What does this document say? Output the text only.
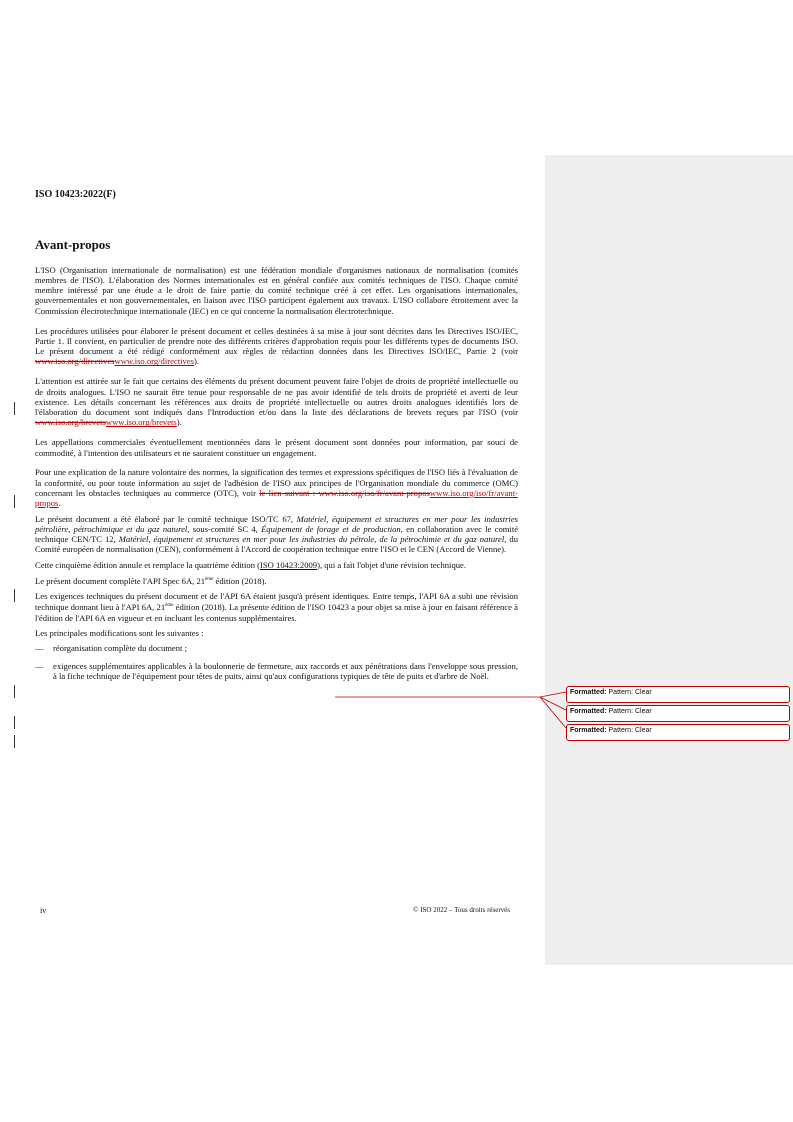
ISO 10423:2022(F)
Avant-propos
L'ISO (Organisation internationale de normalisation) est une fédération mondiale d'organismes nationaux de normalisation (comités membres de l'ISO). L'élaboration des Normes internationales est en général confiée aux comités techniques de l'ISO. Chaque comité membre intéressé par une étude a le droit de faire partie du comité technique créé à cet effet. Les organisations internationales, gouvernementales et non gouvernementales, en liaison avec l'ISO participent également aux travaux. L'ISO collabore étroitement avec la Commission électrotechnique internationale (IEC) en ce qui concerne la normalisation électrotechnique.
Les procédures utilisées pour élaborer le présent document et celles destinées à sa mise à jour sont décrites dans les Directives ISO/IEC, Partie 1. Il convient, en particulier de prendre note des différents critères d'approbation requis pour les différents types de documents ISO. Le présent document a été rédigé conformément aux règles de rédaction données dans les Directives ISO/IEC, Partie 2 (voir www.iso.org/directiveswww.iso.org/directives).
L'attention est attirée sur le fait que certains des éléments du présent document peuvent faire l'objet de droits de propriété intellectuelle ou de droits analogues. L'ISO ne saurait être tenue pour responsable de ne pas avoir identifié de tels droits de propriété et averti de leur existence. Les détails concernant les références aux droits de propriété intellectuelle ou autres droits analogues identifiés lors de l'élaboration du document sont indiqués dans l'Introduction et/ou dans la liste des déclarations de brevets reçues par l'ISO (voir www.iso.org/brevetswww.iso.org/brevets).
Les appellations commerciales éventuellement mentionnées dans le présent document sont données pour information, par souci de commodité, à l'intention des utilisateurs et ne sauraient constituer un engagement.
Pour une explication de la nature volontaire des normes, la signification des termes et expressions spécifiques de l'ISO liés à l'évaluation de la conformité, ou pour toute information au sujet de l'adhésion de l'ISO aux principes de l'Organisation mondiale du commerce (OMC) concernant les obstacles techniques au commerce (OTC), voir le lien suivant : www.iso.org/iso/fr/avant-proposwww.iso.org/iso/fr/avant-propos.
Le présent document a été élaboré par le comité technique ISO/TC 67, Matériel, équipement et structures en mer pour les industries pétrolière, pétrochimique et du gaz naturel, sous-comité SC 4, Équipement de forage et de production, en collaboration avec le comité technique CEN/TC 12, Matériel, équipement et structures en mer pour les industries du pétrole, de la pétrochimie et du gaz naturel, du Comité européen de normalisation (CEN), conformément à l'Accord de coopération technique entre l'ISO et le CEN (Accord de Vienne).
Cette cinquième édition annule et remplace la quatrième édition (ISO 10423:2009), qui a fait l'objet d'une révision technique.
Le présent document complète l'API Spec 6A, 21ème édition (2018).
Les exigences techniques du présent document et de l'API 6A étaient jusqu'à présent identiques. Entre temps, l'API 6A a subi une révision technique donnant lieu à l'API 6A, 21ème édition (2018). La présente édition de l'ISO 10423 a pour objet sa mise à jour en faisant référence à l'édition de l'API 6A en vigueur et en incluant les contenus supplémentaires.
Les principales modifications sont les suivantes :
—	réorganisation complète du document ;
—	exigences supplémentaires applicables à la boulonnerie de fermeture, aux raccords et aux pénétrations dans l'enveloppe sous pression, à la fiche technique de l'équipement pour têtes de puits, ainsi qu'aux configurations typiques de tête de puits et d'arbre de Noël.
iv	© ISO 2022 – Tous droits réservés
Formatted: Pattern: Clear
Formatted: Pattern: Clear
Formatted: Pattern: Clear
